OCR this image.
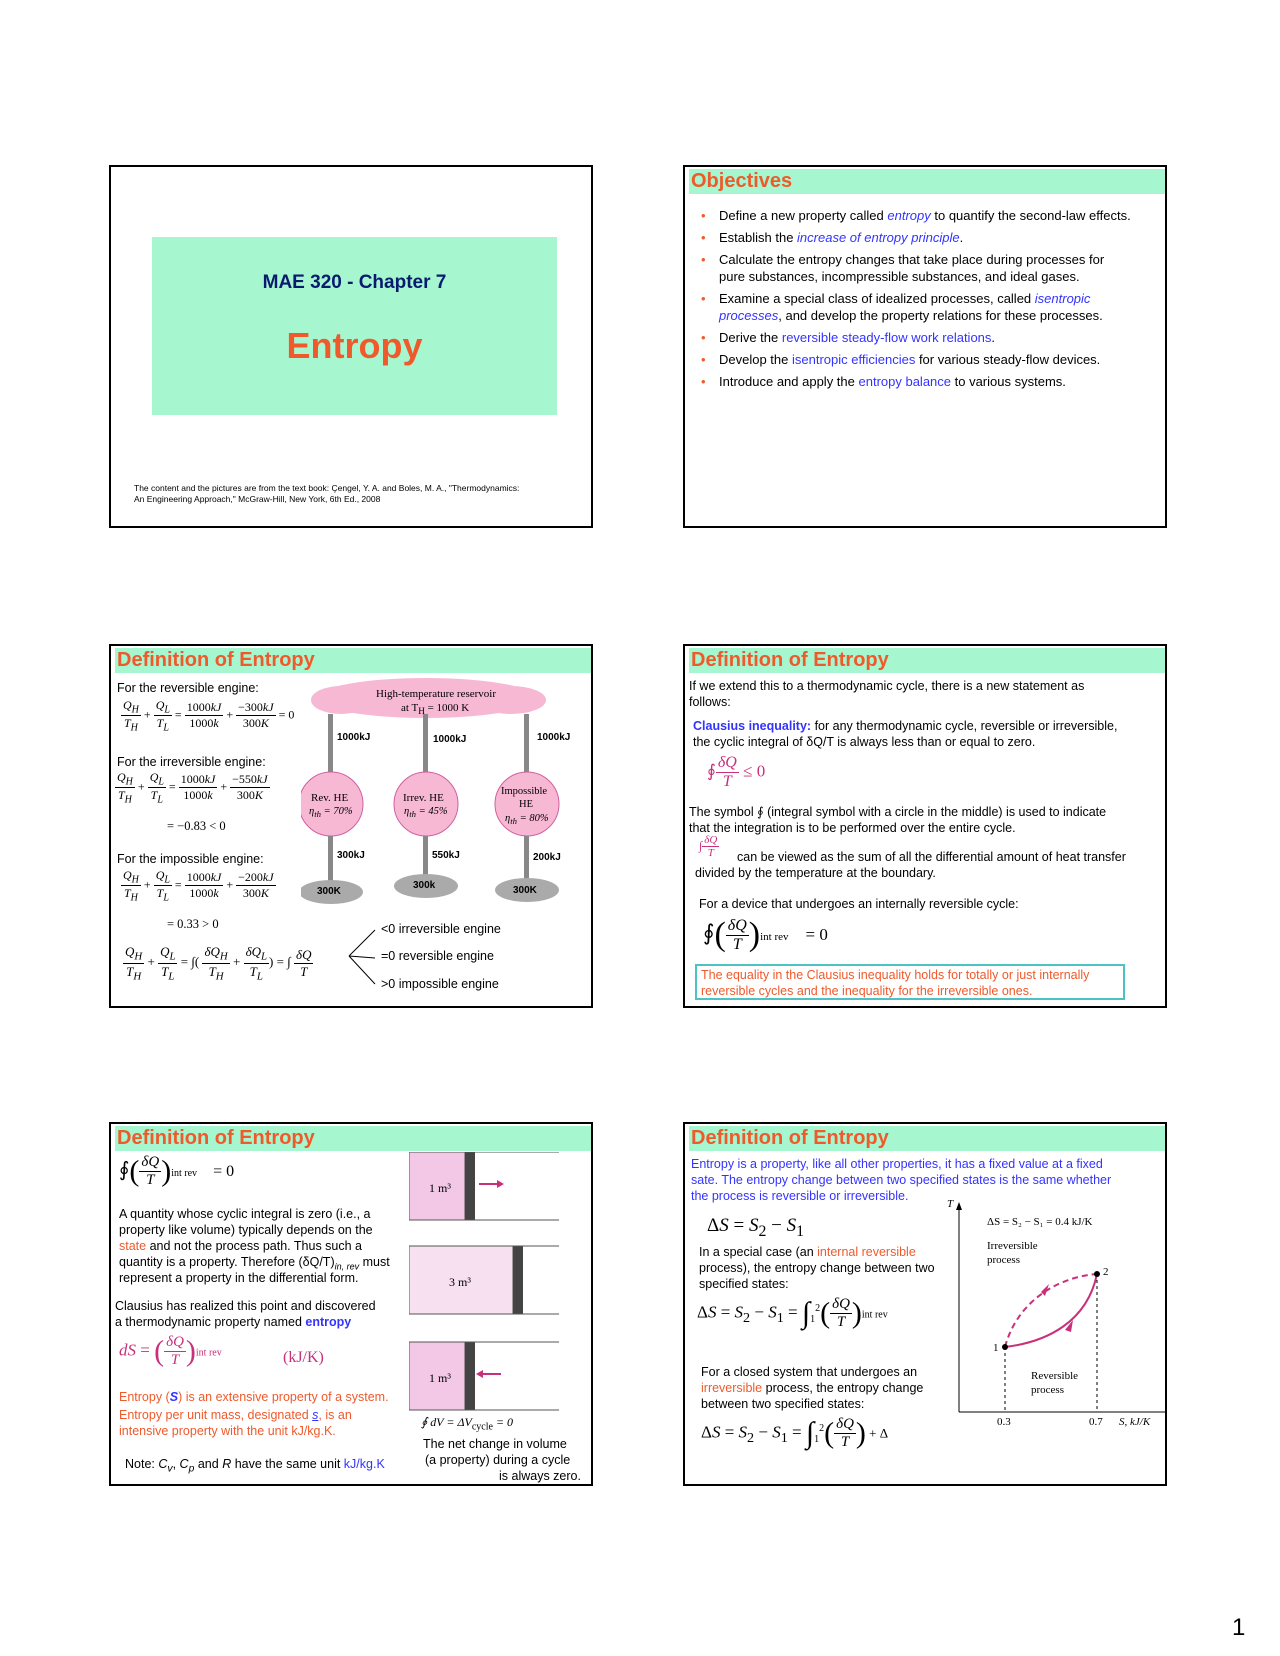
MAE 320 - Chapter 7
Entropy
The content and the pictures are from the text book: Çengel, Y. A. and Boles, M. A., "Thermodynamics:
An Engineering Approach," McGraw-Hill, New York, 6th Ed., 2008
Objectives
• Define a new property called entropy to quantify the second-law effects.
• Establish the increase of entropy principle.
• Calculate the entropy changes that take place during processes for pure substances, incompressible substances, and ideal gases.
• Examine a special class of idealized processes, called isentropic processes, and develop the property relations for these processes.
• Derive the reversible steady-flow work relations.
• Develop the isentropic efficiencies for various steady-flow devices.
• Introduce and apply the entropy balance to various systems.
Definition of Entropy
For the reversible engine:
$\frac{Q_H}{T_H} + \frac{Q_L}{T_L} = \frac{1000kJ}{1000k} + \frac{-300kJ}{300K} = 0$
For the irreversible engine:
$\frac{Q_H}{T_H} + \frac{Q_L}{T_L} = \frac{1000kJ}{1000k} + \frac{-550kJ}{300K}$
= −0.83 < 0
For the impossible engine:
$\frac{Q_H}{T_H} + \frac{Q_L}{T_L} = \frac{1000kJ}{1000k} + \frac{-200kJ}{300K}$
= 0.33 > 0
$\frac{Q_H}{T_H} + \frac{Q_L}{T_L}$ = ∫( $\frac{\delta Q_H}{T_H} + \frac{\delta Q_L}{T_L}$ ) = ∫ $\frac{\delta Q}{T}$
<0 irreversible engine
=0 reversible engine
>0 impossible engine
High-temperature reservoir
at $T_H = 1000$ K
1000kJ	1000kJ	1000kJ
Rev. HE
$\eta_{th} = 70\%$
Irrev. HE
$\eta_{th} = 45\%$
Impossible
HE
$\eta_{th} = 80\%$
300kJ	550kJ	200kJ
300K
300k	300K
Definition of Entropy
If we extend this to a thermodynamic cycle, there is a new statement as
follows:
Clausius inequality: for any thermodynamic cycle, reversible or irreversible,
the cyclic integral of δQ/T is always less than or equal to zero.
∮ $\frac{\delta Q}{T} \le 0$
The symbol ∮ (integral symbol with a circle in the middle) is used to indicate
that the integration is to be performed over the entire cycle.
∫ $\frac{\delta Q}{T}$ can be viewed as the sum of all the differential amount of heat transfer
divided by the temperature at the boundary.
For a device that undergoes an internally reversible cycle:
∮( $\frac{\delta Q}{T} )int$ rev    = 0
The equality in the Clausius inequality holds for totally or just internally
reversible cycles and the inequality for the irreversible ones.
Definition of Entropy
∮( $\frac{\delta Q}{T} )int$ rev    = 0
A quantity whose cyclic integral is zero (i.e., a
property like volume) typically depends on the
state and not the process path. Thus such a
quantity is a property. Therefore $(\delta Q/T)_{in, rev}$ must
represent a property in the differential form.
Clausius has realized this point and discovered
a thermodynamic property named entropy
dS = ( $\frac{\delta Q}{T} )int$ rev	(kJ/K)
Entropy (S) is an extensive property of a system.
Entropy per unit mass, designated s, is an
intensive property with the unit kJ/kg.K.
Note: $C_v$, $C_p$ and R have the same unit kJ/kg.K
1 m³
3 m³
1 m³
∮ dV = $\Delta V_{cycle} = 0$
The net change in volume
(a property) during a cycle
is always zero.
Definition of Entropy
Entropy is a property, like all other properties, it has a fixed value at a fixed
sate. The entropy change between two specified states is the same whether
the process is reversible or irreversible.
$\Delta S = S_2 - S_1$
In a special case (an internal reversible
process), the entropy change between two
specified states:
$\Delta S = S_2 - S_1 = \int_1^2( \frac{\delta Q}{T} )int$ rev
For a closed system that undergoes an
irreversible process, the entropy change
between two specified states:
$\Delta S = S_2 - S_1 = \int_1^2( \frac{\delta Q}{T}$ ) + Δ
T
ΔS = S₂ − S₁ = 0.4 kJ/K
Irreversible
process
Reversible
process
1
2
0.3	0.7 S, kJ/K
1
